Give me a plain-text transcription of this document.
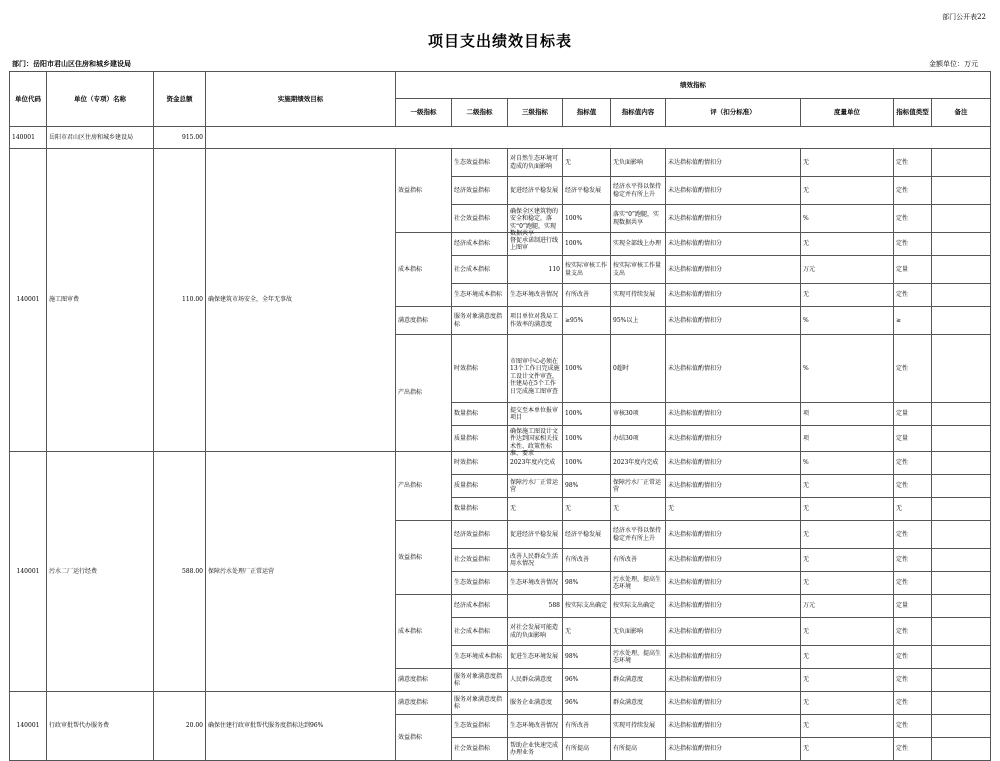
部门公开表22
项目支出绩效目标表
部门：岳阳市君山区住房和城乡建设局	金额单位：万元
单位代码	单位（专项）名称	资金总额	实施期绩效目标	绩效指标								
				一级指标	二级指标	三级指标	指标值	指标值内容	评（扣分标准）	度量单位	指标值类型	备注
140001	岳阳市君山区住房和城乡建设局	915.00										
140001	施工图审费	110.00	确保建筑市场安全，全年无事故	效益指标	生态效益指标	对自然生态环境可造成的负面影响	无	无负面影响	未达指标值酌情扣分	无	定性	

					经济效益指标	促进经济平稳发展	经济平稳发展	经济水平得以保持稳定并有所上升	未达指标值酌情扣分	无	定性	

					社会效益指标	确保全区建筑物的安全和稳定，落实“0”跑腿，实现数据共享	100%	落实“0”跑腿，实现数据共享	未达指标值酌情扣分	%	定性	
				成本指标	经济成本指标	督促承诺制进行线上图审	100%	实现全部线上办理	未达指标值酌情扣分	无	定性	

					社会成本指标	110	按实际审核工作量支出	按实际审核工作量支出	未达指标值酌情扣分	万元	定量	

					生态环境成本指标	生态环境改善情况	有所改善	实现可持续发展	未达指标值酌情扣分	无	定性	
				满意度指标	服务对象满意度指标	项目单位对我局工作效率的满意度	≥95%	95%以上	未达指标值酌情扣分	%	≥	
				产出指标	时效指标	市图审中心必须在13个工作日完成施工设计文件审查，住建局在5个工作日完成施工图审查	100%	0超时	未达指标值酌情扣分	%	定性	

					数量指标	提交至本单位报审项目	100%	审核30项	未达指标值酌情扣分	项	定量	

					质量指标	确保施工图设计文件达到国家相关技术性、政策性标准、要求	100%	办结30项	未达指标值酌情扣分	项	定量	
140001	污水二厂运行经费	588.00	保障污水处理厂正常运营	产出指标	时效指标	2023年度内完成	100%	2023年度内完成	未达指标值酌情扣分	%	定性	

					质量指标	保障污水厂正常运营	98%	保障污水厂正常运营	未达指标值酌情扣分	无	定性	

					数量指标	无	无	无	无	无	无	
				效益指标	经济效益指标	促进经济平稳发展	经济平稳发展	经济水平得以保持稳定并有所上升	未达指标值酌情扣分	无	定性	

					社会效益指标	改善人民群众生活用水情况	有所改善	有所改善	未达指标值酌情扣分	无	定性	

					生态效益指标	生态环境改善情况	98%	污水处理，提高生态环境	未达指标值酌情扣分	无	定性	
				成本指标	经济成本指标	588	按实际支出确定	按实际支出确定	未达指标值酌情扣分	万元	定量	

					社会成本指标	对社会发展可能造成的负面影响	无	无负面影响	未达指标值酌情扣分	无	定性	

					生态环境成本指标	促进生态环境发展	98%	污水处理，提高生态环境	未达指标值酌情扣分	无	定性	
				满意度指标	服务对象满意度指标	人民群众满意度	96%	群众满意度	未达指标值酌情扣分	无	定性	
140001	行政审批帮代办服务费	20.00	确保住建行政审批帮代服务度指标达到96%	满意度指标	服务对象满意度指标	服务企业满意度	96%	群众满意度	未达指标值酌情扣分	无	定性	
				效益指标	生态效益指标	生态环境改善情况	有所改善	实现可持续发展	未达指标值酌情扣分	无	定性	

					社会效益指标	帮助企业快速完成办理业务	有所提高	有所提高	未达指标值酌情扣分	无	定性	
